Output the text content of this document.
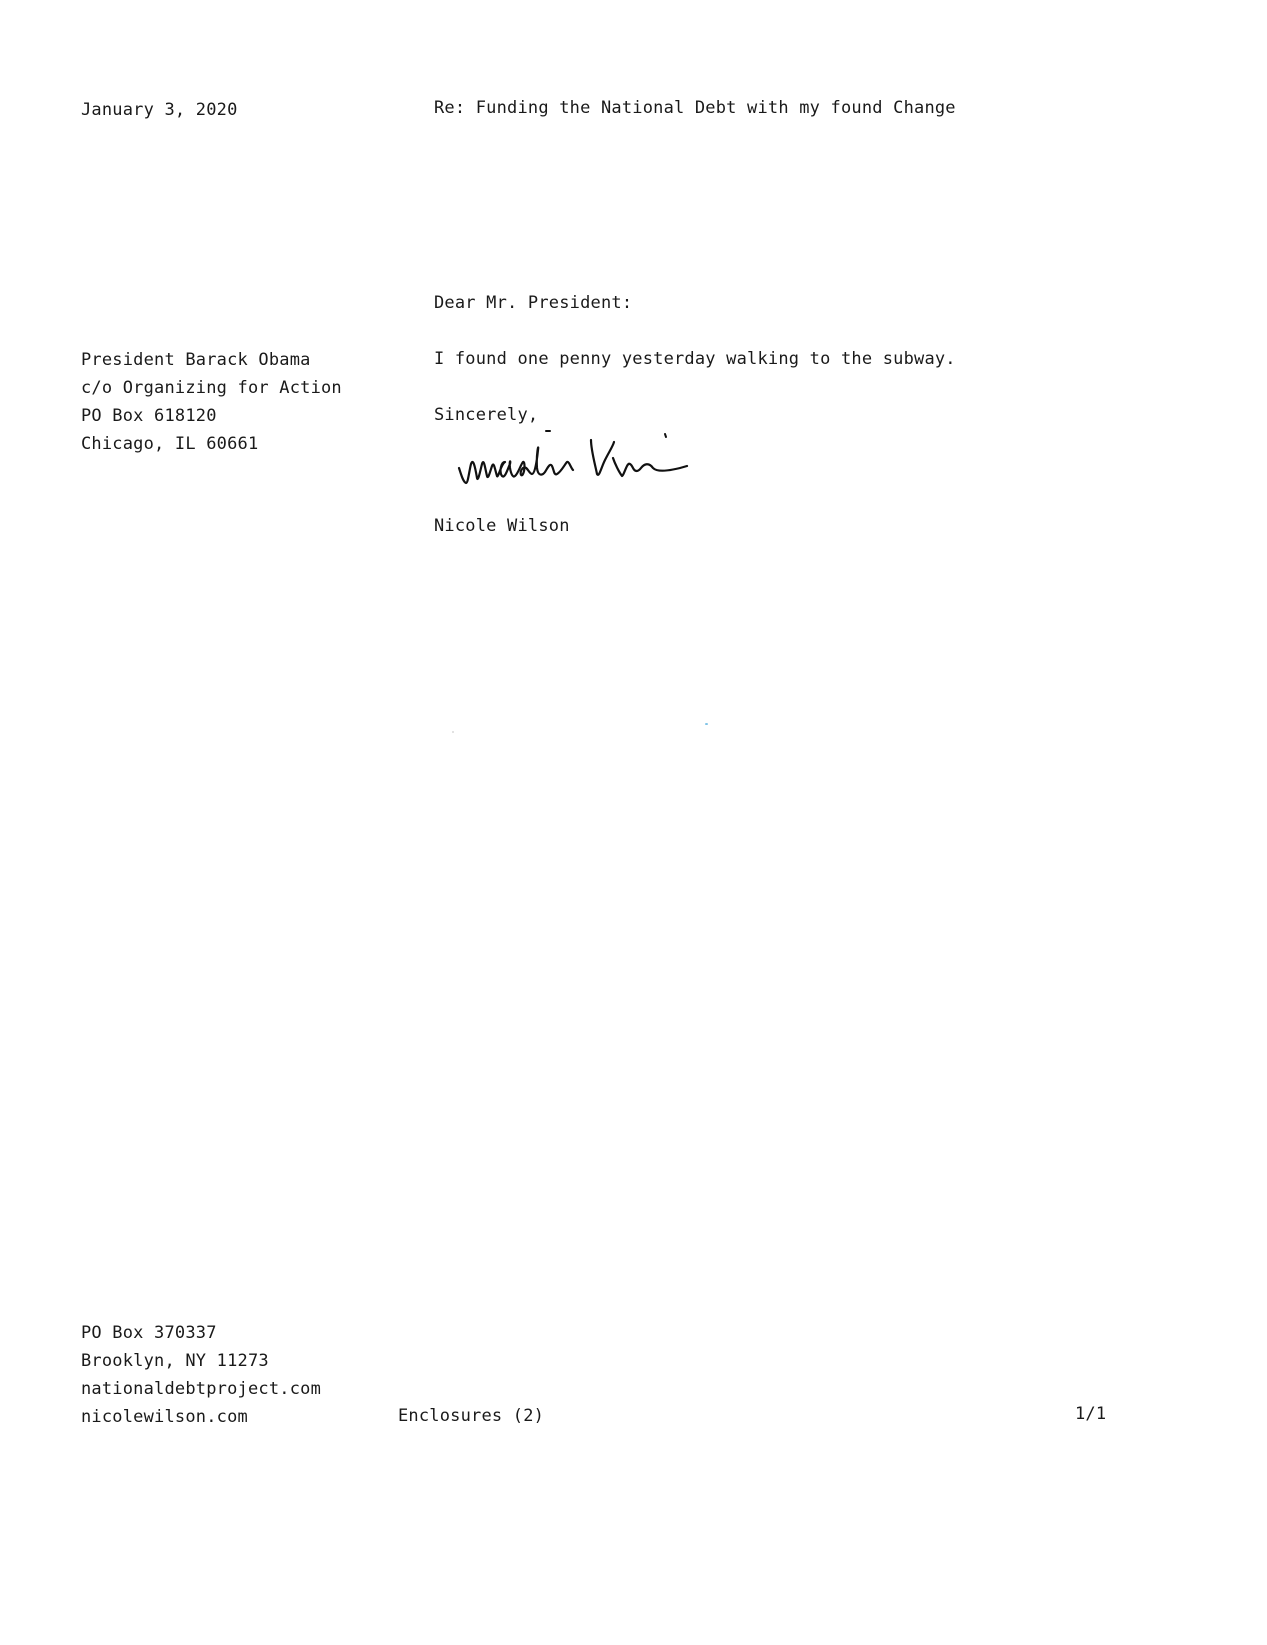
January 3, 2020	Re: Funding the National Debt with my found Change
Dear Mr. President:
President Barack Obama
c/o Organizing for Action
PO Box 618120
Chicago, IL 60661
I found one penny yesterday walking to the subway.
Sincerely,
Nicole Wilson
PO Box 370337
Brooklyn, NY 11273
nationaldebtproject.com
nicolewilson.com	Enclosures (2)	1/1
